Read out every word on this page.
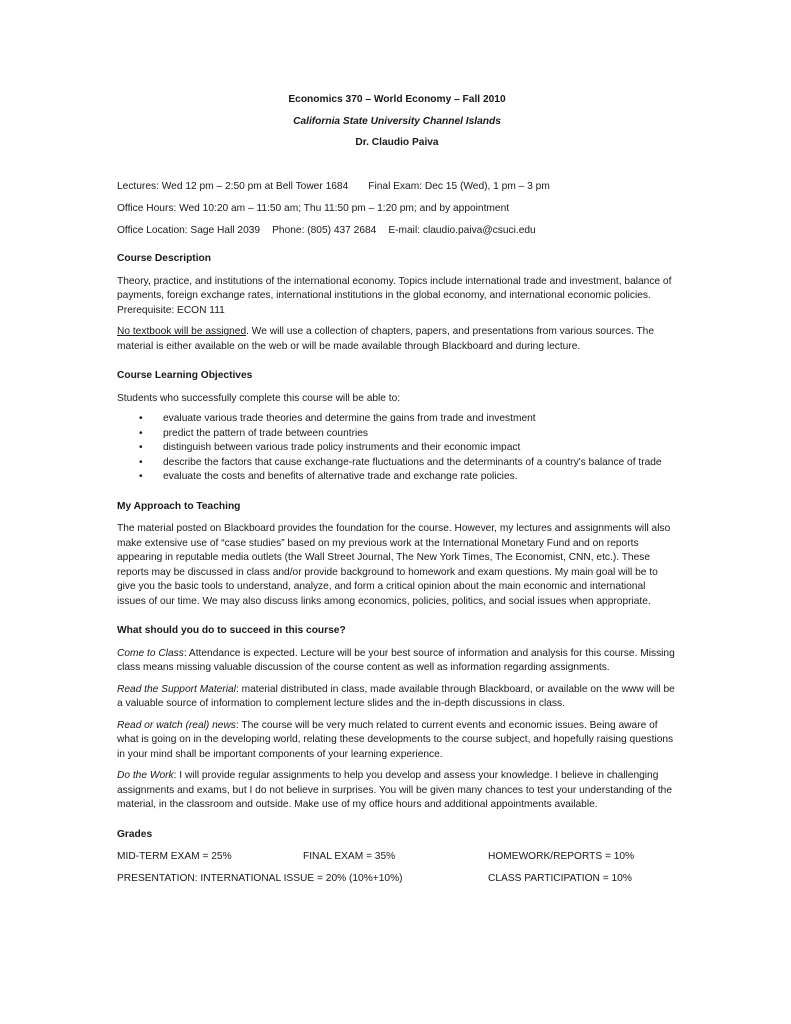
Economics 370 – World Economy – Fall 2010

California State University Channel Islands

Dr. Claudio Paiva

Lectures: Wed 12 pm – 2:50 pm at Bell Tower 1684 Final Exam: Dec 15 (Wed), 1 pm – 3 pm

Office Hours: Wed 10:20 am – 11:50 am; Thu 11:50 pm – 1:20 pm; and by appointment

Office Location: Sage Hall 2039 Phone: (805) 437 2684 E-mail: claudio.paiva@csuci.edu

Course Description

Theory, practice, and institutions of the international economy. Topics include international trade and investment, balance of payments, foreign exchange rates, international institutions in the global economy, and international economic policies. Prerequisite: ECON 111

No textbook will be assigned. We will use a collection of chapters, papers, and presentations from various sources. The material is either available on the web or will be made available through Blackboard and during lecture.

Course Learning Objectives

Students who successfully complete this course will be able to:

• evaluate various trade theories and determine the gains from trade and investment
• predict the pattern of trade between countries
• distinguish between various trade policy instruments and their economic impact
• describe the factors that cause exchange-rate fluctuations and the determinants of a country's balance of trade
• evaluate the costs and benefits of alternative trade and exchange rate policies.
My Approach to Teaching

The material posted on Blackboard provides the foundation for the course. However, my lectures and assignments will also make extensive use of “case studies” based on my previous work at the International Monetary Fund and on reports appearing in reputable media outlets (the Wall Street Journal, The New York Times, The Economist, CNN, etc.). These reports may be discussed in class and/or provide background to homework and exam questions. My main goal will be to give you the basic tools to understand, analyze, and form a critical opinion about the main economic and international issues of our time. We may also discuss links among economics, policies, politics, and social issues when appropriate.

What should you do to succeed in this course?

Come to Class: Attendance is expected. Lecture will be your best source of information and analysis for this course. Missing class means missing valuable discussion of the course content as well as information regarding assignments.

Read the Support Material: material distributed in class, made available through Blackboard, or available on the www will be a valuable source of information to complement lecture slides and the in-depth discussions in class.

Read or watch (real) news: The course will be very much related to current events and economic issues. Being aware of what is going on in the developing world, relating these developments to the course subject, and hopefully raising questions in your mind shall be important components of your learning experience.

Do the Work: I will provide regular assignments to help you develop and assess your knowledge. I believe in challenging assignments and exams, but I do not believe in surprises. You will be given many chances to test your understanding of the material, in the classroom and outside. Make use of my office hours and additional appointments available.

Grades
MID-TERM EXAM = 25%	FINAL EXAM = 35%	HOMEWORK/REPORTS = 10%
PRESENTATION: INTERNATIONAL ISSUE = 20% (10%+10%)	CLASS PARTICIPATION = 10%
